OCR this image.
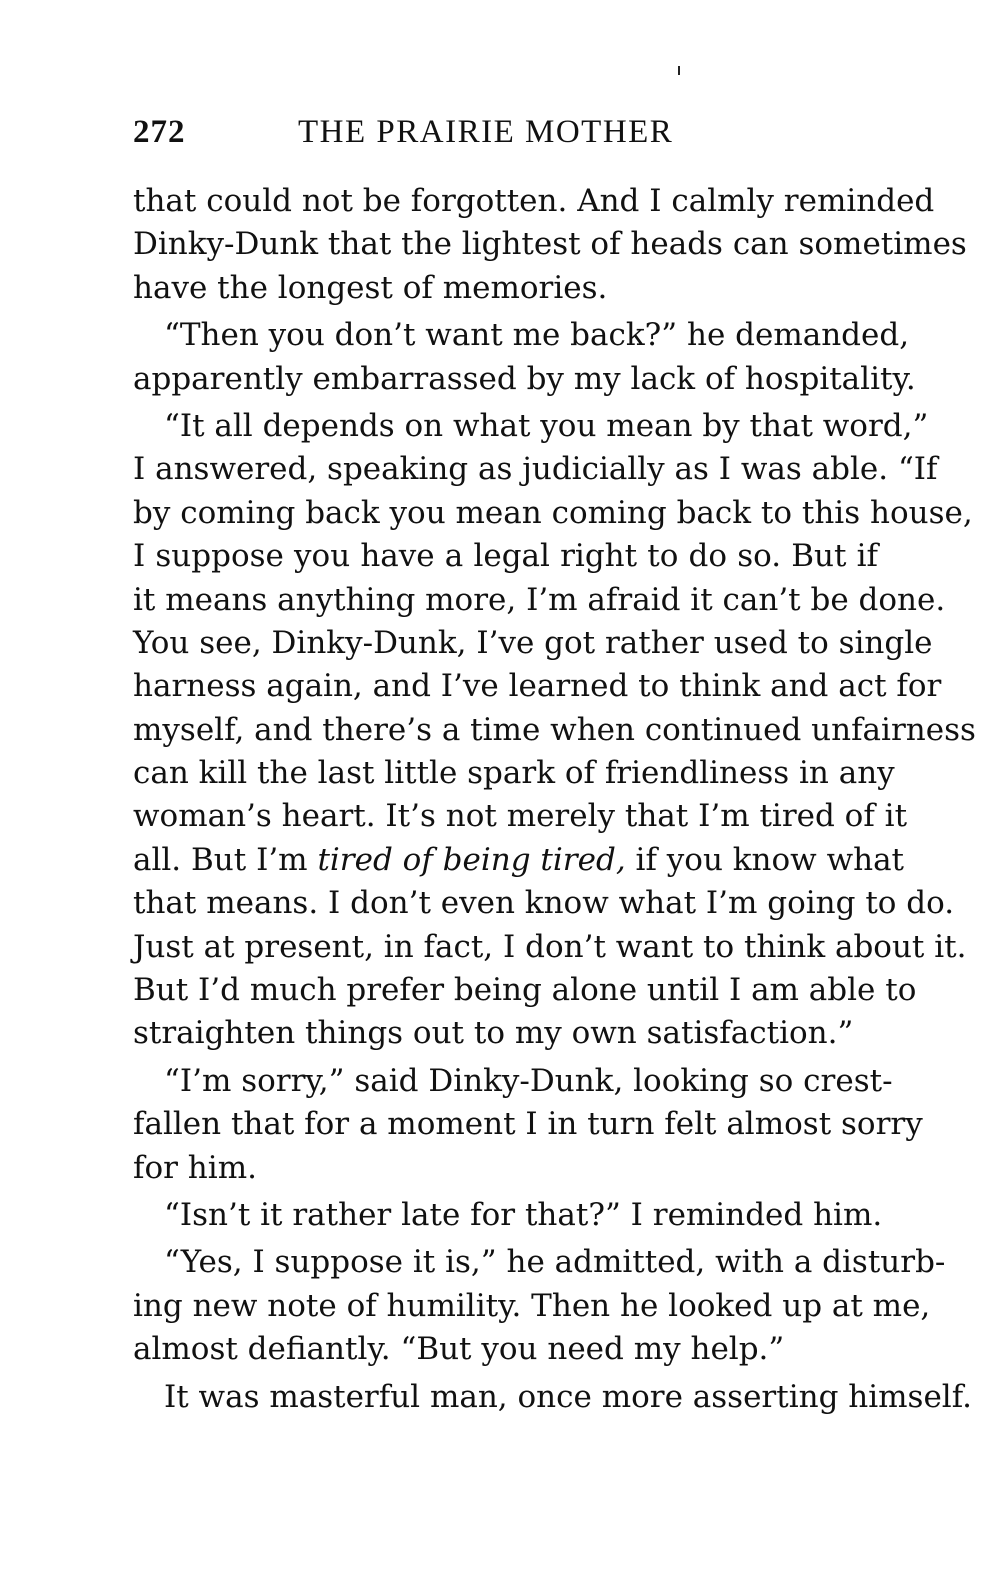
272	THE PRAIRIE MOTHER
that could not be forgotten. And I calmly reminded
Dinky-Dunk that the lightest of heads can sometimes
have the longest of memories.
“Then you don’t want me back?” he demanded,
apparently embarrassed by my lack of hospitality.
“It all depends on what you mean by that word,”
I answered, speaking as judicially as I was able. “If
by coming back you mean coming back to this house,
I suppose you have a legal right to do so. But if
it means anything more, I’m afraid it can’t be done.
You see, Dinky-Dunk, I’ve got rather used to single
harness again, and I’ve learned to think and act for
myself, and there’s a time when continued unfairness
can kill the last little spark of friendliness in any
woman’s heart. It’s not merely that I’m tired of it
all. But I’m tired of being tired, if you know what
that means. I don’t even know what I’m going to do.
Just at present, in fact, I don’t want to think about it.
But I’d much prefer being alone until I am able to
straighten things out to my own satisfaction.”
“I’m sorry,” said Dinky-Dunk, looking so crest-
fallen that for a moment I in turn felt almost sorry
for him.
“Isn’t it rather late for that?” I reminded him.
“Yes, I suppose it is,” he admitted, with a disturb-
ing new note of humility. Then he looked up at me,
almost defiantly. “But you need my help.”
It was masterful man, once more asserting himself.
